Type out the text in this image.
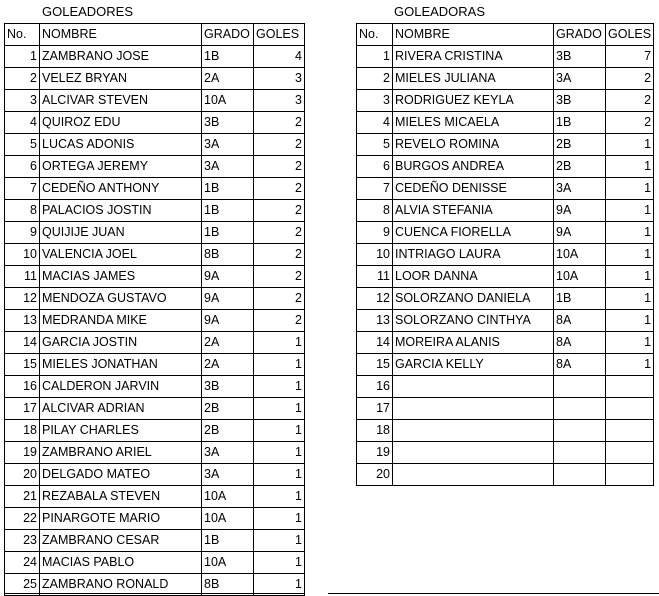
GOLEADORES	GOLEADORAS
No.	NOMBRE	GRADO	GOLES
1	ZAMBRANO JOSE	1B	4
2	VELEZ BRYAN	2A	3
3	ALCIVAR STEVEN	10A	3
4	QUIROZ EDU	3B	2
5	LUCAS ADONIS	3A	2
6	ORTEGA JEREMY	3A	2
7	CEDEÑO ANTHONY	1B	2
8	PALACIOS JOSTIN	1B	2
9	QUIJIJE JUAN	1B	2
10	VALENCIA JOEL	8B	2
11	MACIAS JAMES	9A	2
12	MENDOZA GUSTAVO	9A	2
13	MEDRANDA MIKE	9A	2
14	GARCIA JOSTIN	2A	1
15	MIELES JONATHAN	2A	1
16	CALDERON JARVIN	3B	1
17	ALCIVAR ADRIAN	2B	1
18	PILAY CHARLES	2B	1
19	ZAMBRANO ARIEL	3A	1
20	DELGADO MATEO	3A	1
21	REZABALA STEVEN	10A	1
22	PINARGOTE MARIO	10A	1
23	ZAMBRANO CESAR	1B	1
24	MACIAS PABLO	10A	1
25	ZAMBRANO RONALD	8B	1
No.	NOMBRE	GRADO	GOLES
1	RIVERA CRISTINA	3B	7
2	MIELES JULIANA	3A	2
3	RODRIGUEZ KEYLA	3B	2
4	MIELES MICAELA	1B	2
5	REVELO ROMINA	2B	1
6	BURGOS ANDREA	2B	1
7	CEDEÑO DENISSE	3A	1
8	ALVIA STEFANIA	9A	1
9	CUENCA FIORELLA	9A	1
10	INTRIAGO LAURA	10A	1
11	LOOR DANNA	10A	1
12	SOLORZANO DANIELA	1B	1
13	SOLORZANO CINTHYA	8A	1
14	MOREIRA ALANIS	8A	1
15	GARCIA KELLY	8A	1
16			
17			
18			
19			
20			
